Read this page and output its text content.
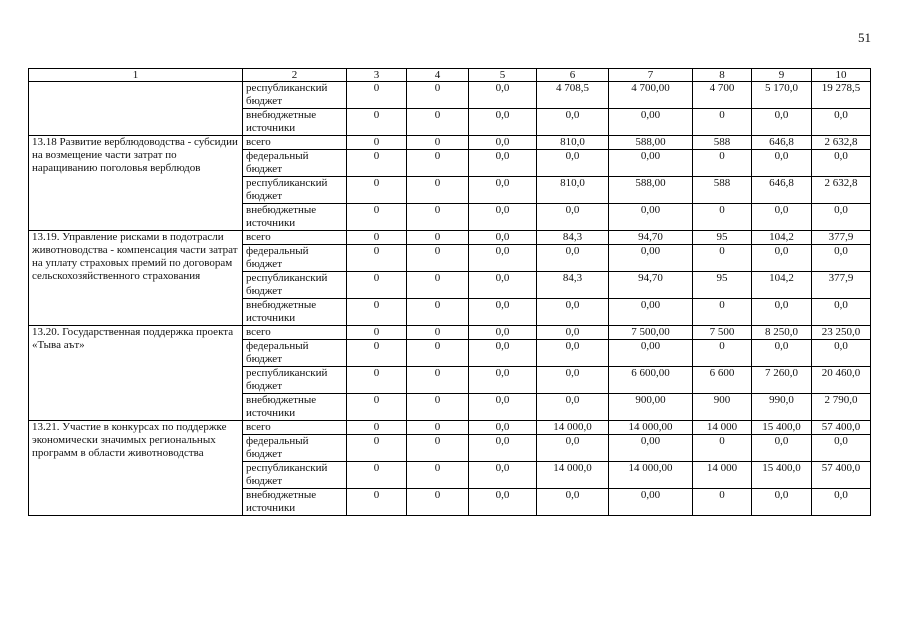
51
1	2	3	4	5	6	7	8	9	10
	республиканский бюджет	0	0	0,0	4 708,5	4 700,00	4 700	5 170,0	19 278,5
	внебюджетные источники	0	0	0,0	0,0	0,00	0	0,0	0,0
13.18 Развитие верблюдоводства - субсидии на возмещение части затрат по наращиванию поголовья верблюдов	всего	0	0	0,0	810,0	588,00	588	646,8	2 632,8
	федеральный бюджет	0	0	0,0	0,0	0,00	0	0,0	0,0
	республиканский бюджет	0	0	0,0	810,0	588,00	588	646,8	2 632,8
	внебюджетные источники	0	0	0,0	0,0	0,00	0	0,0	0,0
13.19. Управление рисками в подотрасли животноводства - компенсация части затрат на уплату страховых премий по договорам сельскохозяйственного страхования	всего	0	0	0,0	84,3	94,70	95	104,2	377,9
	федеральный бюджет	0	0	0,0	0,0	0,00	0	0,0	0,0
	республиканский бюджет	0	0	0,0	84,3	94,70	95	104,2	377,9
	внебюджетные источники	0	0	0,0	0,0	0,00	0	0,0	0,0
13.20. Государственная поддержка проекта «Тыва аът»	всего	0	0	0,0	0,0	7 500,00	7 500	8 250,0	23 250,0
	федеральный бюджет	0	0	0,0	0,0	0,00	0	0,0	0,0
	республиканский бюджет	0	0	0,0	0,0	6 600,00	6 600	7 260,0	20 460,0
	внебюджетные источники	0	0	0,0	0,0	900,00	900	990,0	2 790,0
13.21. Участие в конкурсах по поддержке экономически значимых региональных программ в области животноводства	всего	0	0	0,0	14 000,0	14 000,00	14 000	15 400,0	57 400,0
	федеральный бюджет	0	0	0,0	0,0	0,00	0	0,0	0,0
	республиканский бюджет	0	0	0,0	14 000,0	14 000,00	14 000	15 400,0	57 400,0
	внебюджетные источники	0	0	0,0	0,0	0,00	0	0,0	0,0
